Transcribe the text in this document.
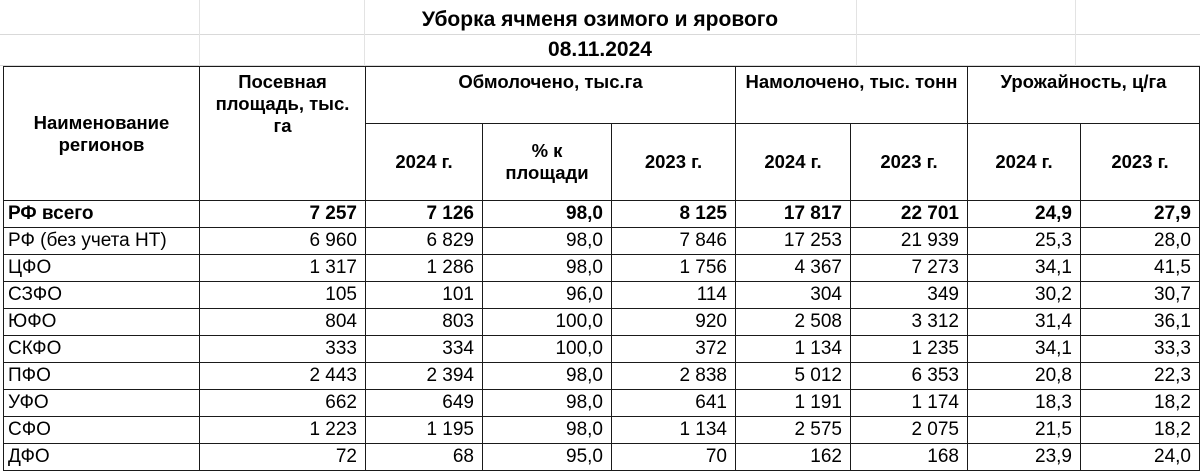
Уборка ячменя озимого и ярового
08.11.2024
Наименование регионов	Посевная площадь, тыс. га	Обмолочено, тыс.га			Намолочено, тыс. тонн		Урожайность, ц/га	
		2024 г.	% к площади	2023 г.	2024 г.	2023 г.	2024 г.	2023 г.
РФ всего	7 257	7 126	98,0	8 125	17 817	22 701	24,9	27,9
РФ (без учета НТ)	6 960	6 829	98,0	7 846	17 253	21 939	25,3	28,0
ЦФО	1 317	1 286	98,0	1 756	4 367	7 273	34,1	41,5
СЗФО	105	101	96,0	114	304	349	30,2	30,7
ЮФО	804	803	100,0	920	2 508	3 312	31,4	36,1
СКФО	333	334	100,0	372	1 134	1 235	34,1	33,3
ПФО	2 443	2 394	98,0	2 838	5 012	6 353	20,8	22,3
УФО	662	649	98,0	641	1 191	1 174	18,3	18,2
СФО	1 223	1 195	98,0	1 134	2 575	2 075	21,5	18,2
ДФО	72	68	95,0	70	162	168	23,9	24,0
